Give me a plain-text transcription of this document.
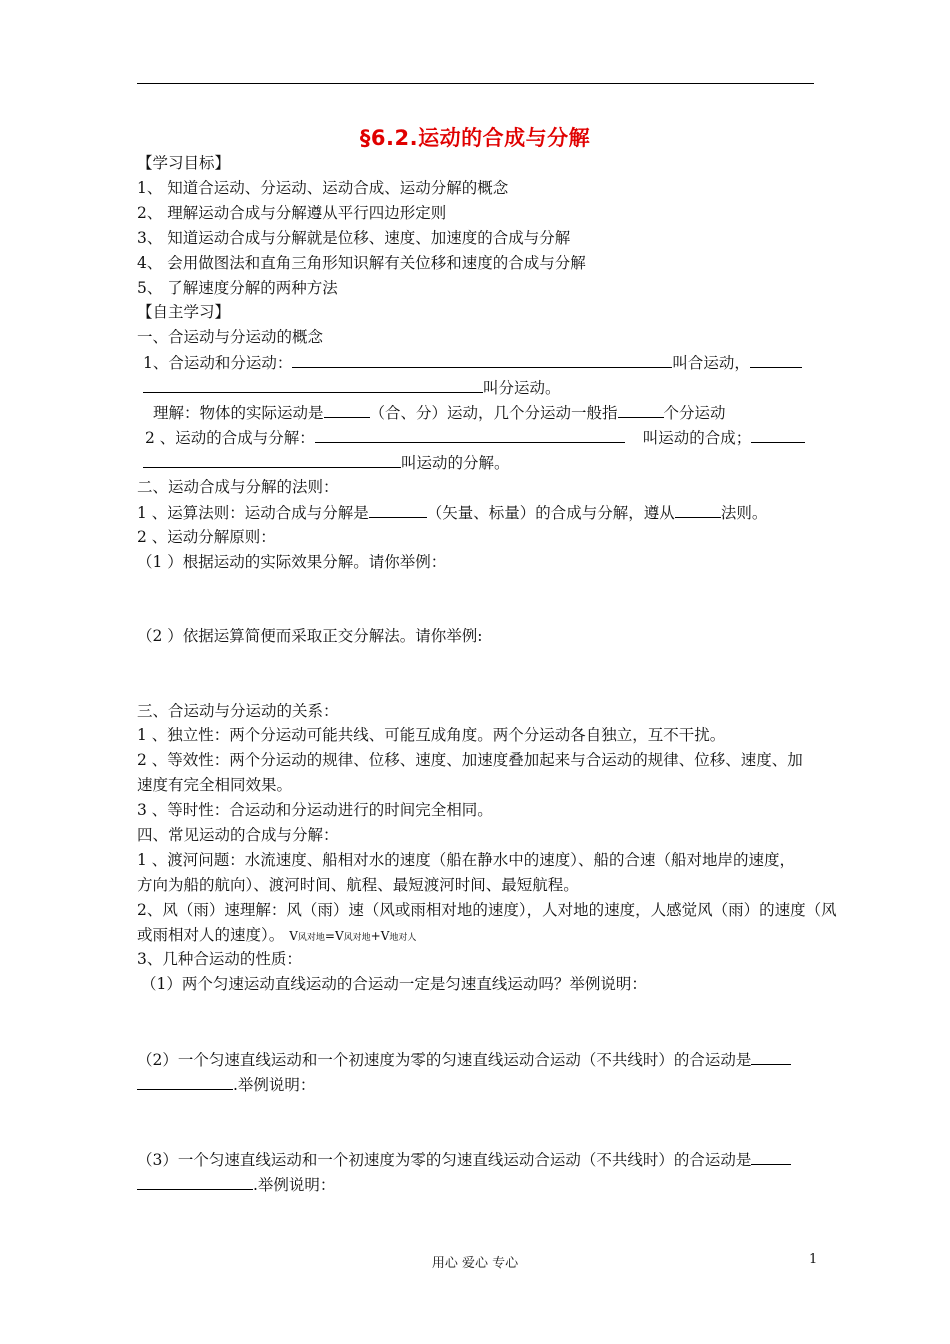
§6.2.运动的合成与分解
【学习目标】
1、 知道合运动、分运动、运动合成、运动分解的概念
2、 理解运动合成与分解遵从平行四边形定则
3、 知道运动合成与分解就是位移、速度、加速度的合成与分解
4、 会用做图法和直角三角形知识解有关位移和速度的合成与分解
5、 了解速度分解的两种方法
【自主学习】
一、合运动与分运动的概念
1、合运动和分运动：	叫合运动，
叫分运动。
理解：物体的实际运动是	（合、分）运动，几个分运动一般指	个分运动
2 、运动的合成与分解：	叫运动的合成；
叫运动的分解。
二、运动合成与分解的法则：
1 、运算法则：运动合成与分解是	（矢量、标量）的合成与分解，遵从	法则。
2 、运动分解原则：
（1 ）根据运动的实际效果分解。请你举例：
（2 ）依据运算简便而采取正交分解法。请你举例:
三、合运动与分运动的关系：
1 、独立性：两个分运动可能共线、可能互成角度。两个分运动各自独立，互不干扰。
2 、等效性：两个分运动的规律、位移、速度、加速度叠加起来与合运动的规律、位移、速度、加
速度有完全相同效果。
3 、等时性：合运动和分运动进行的时间完全相同。
四、常见运动的合成与分解：
1 、渡河问题：水流速度、船相对水的速度（船在静水中的速度）、船的合速（船对地岸的速度，
方向为船的航向）、渡河时间、航程、最短渡河时间、最短航程。
2、风（雨）速理解：风（雨）速（风或雨相对地的速度），人对地的速度，人感觉风（雨）的速度（风
或雨相对人的速度）。 V风对地=V风对地+V地对人
3、几种合运动的性质：
（1）两个匀速运动直线运动的合运动一定是匀速直线运动吗？举例说明：
（2）一个匀速直线运动和一个初速度为零的匀速直线运动合运动（不共线时）的合运动是
.举例说明：
（3）一个匀速直线运动和一个初速度为零的匀速直线运动合运动（不共线时）的合运动是
.举例说明：
用心 爱心 专心	1
